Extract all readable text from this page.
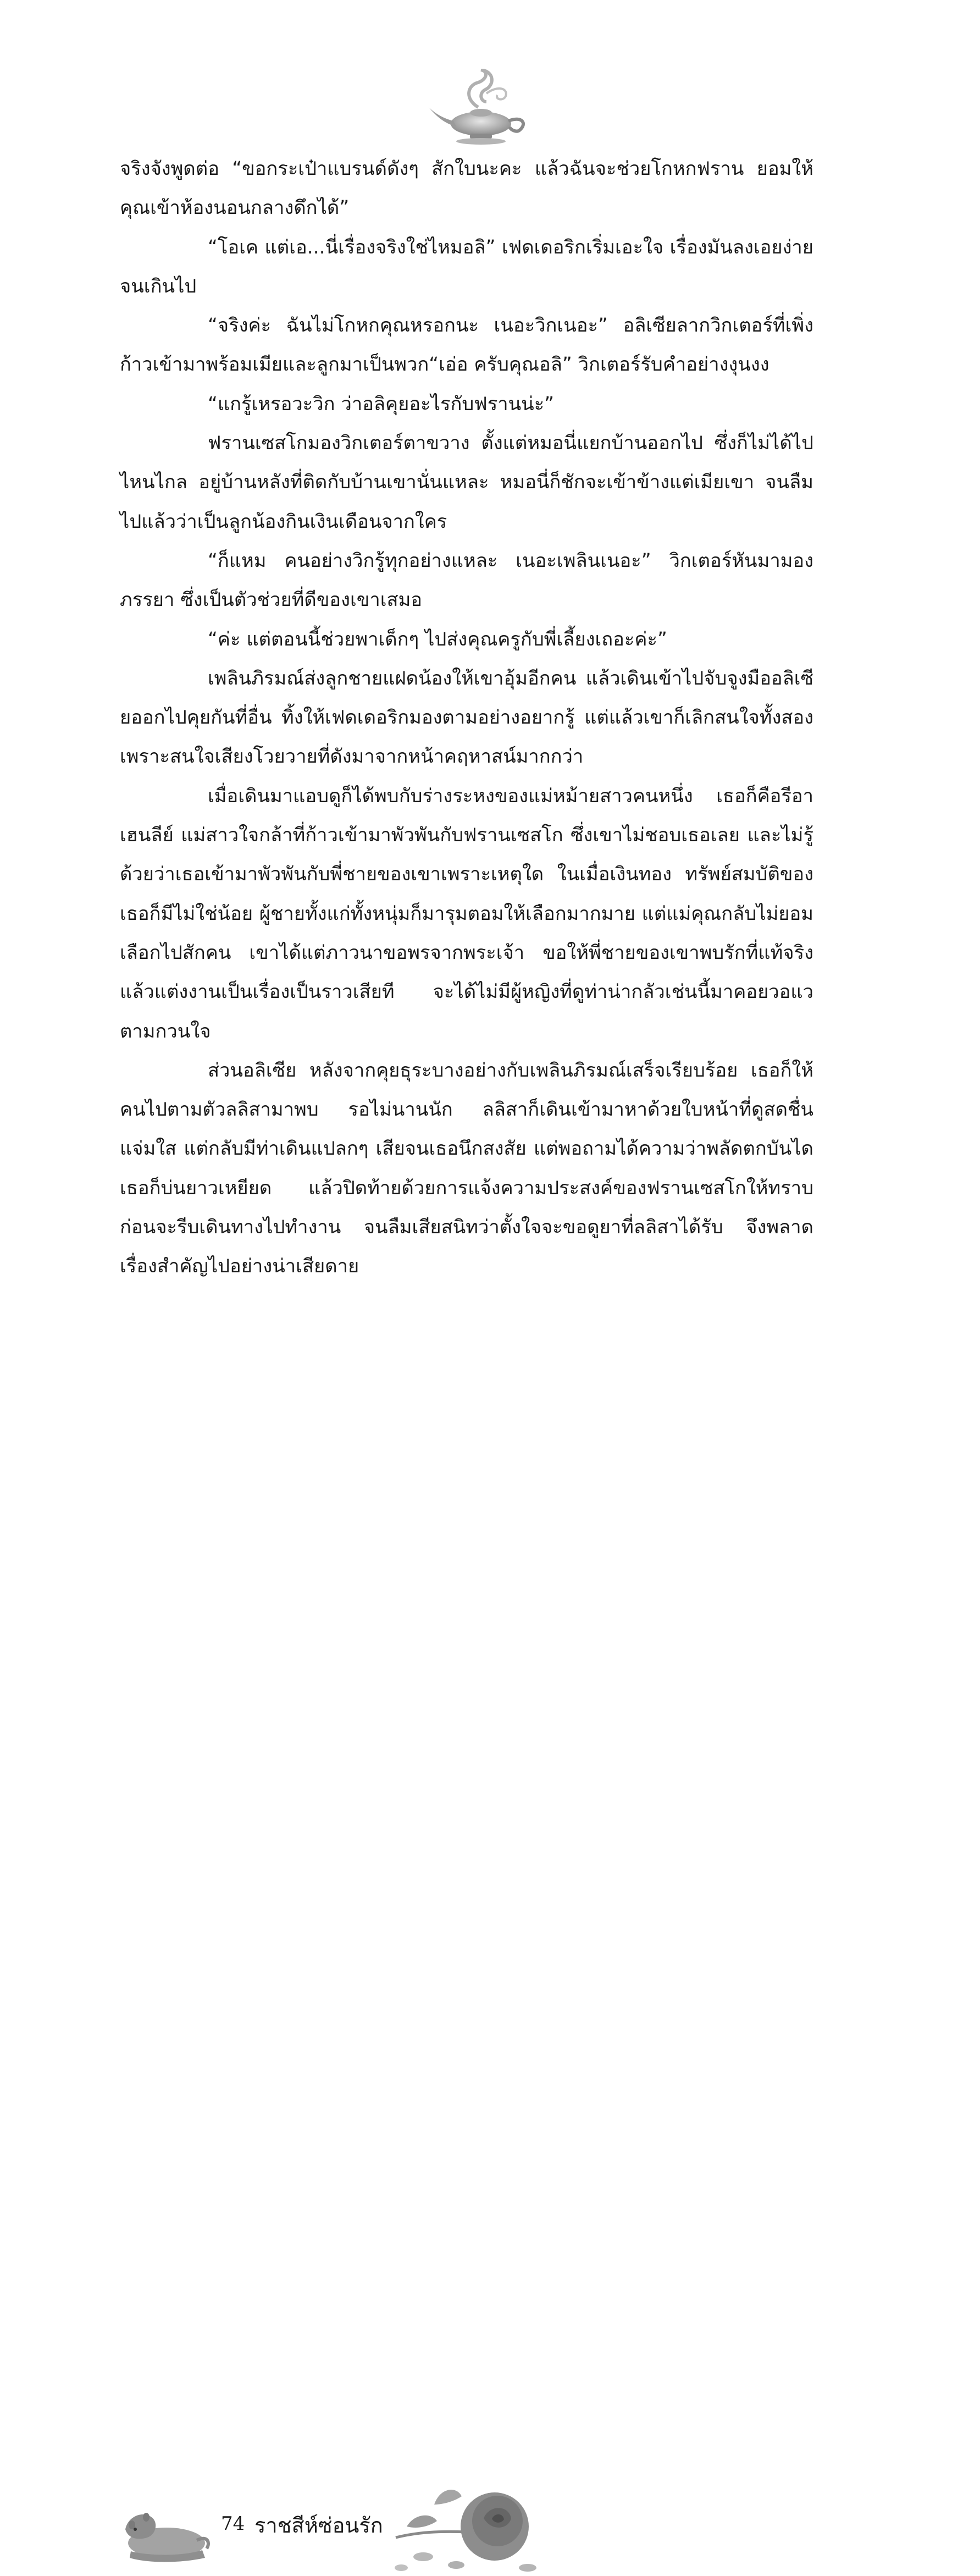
จริงจังพูดต่อ “ขอกระเป๋าแบรนด์ดังๆ สักใบนะคะ แล้วฉันจะช่วยโกหกฟราน ยอมให้คุณเข้าห้องนอนกลางดึกได้”

“โอเค แต่เอ...นี่เรื่องจริงใช่ไหมอลิ” เฟดเดอริกเริ่มเอะใจ เรื่องมันลงเอยง่ายจนเกินไป

“จริงค่ะ ฉันไม่โกหกคุณหรอกนะ เนอะวิกเนอะ” อลิเซียลากวิกเตอร์ที่เพิ่งก้าวเข้ามาพร้อมเมียและลูกมาเป็นพวก“เอ่อ ครับคุณอลิ” วิกเตอร์รับคำอย่างงุนงง

“แกรู้เหรอวะวิก ว่าอลิคุยอะไรกับฟรานน่ะ”

ฟรานเซสโกมองวิกเตอร์ตาขวาง ตั้งแต่หมอนี่แยกบ้านออกไป ซึ่งก็ไม่ได้ไปไหนไกล อยู่บ้านหลังที่ติดกับบ้านเขานั่นแหละ หมอนี่ก็ชักจะเข้าข้างแต่เมียเขา จนลืมไปแล้วว่าเป็นลูกน้องกินเงินเดือนจากใคร

“ก็แหม คนอย่างวิกรู้ทุกอย่างแหละ เนอะเพลินเนอะ” วิกเตอร์หันมามองภรรยา ซึ่งเป็นตัวช่วยที่ดีของเขาเสมอ

“ค่ะ แต่ตอนนี้ช่วยพาเด็กๆ ไปส่งคุณครูกับพี่เลี้ยงเถอะค่ะ”

เพลินภิรมณ์ส่งลูกชายแฝดน้องให้เขาอุ้มอีกคน แล้วเดินเข้าไปจับจูงมืออลิเซียออกไปคุยกันที่อื่น ทิ้งให้เฟดเดอริกมองตามอย่างอยากรู้ แต่แล้วเขาก็เลิกสนใจทั้งสอง เพราะสนใจเสียงโวยวายที่ดังมาจากหน้าคฤหาสน์มากกว่า

เมื่อเดินมาแอบดูก็ได้พบกับร่างระหงของแม่หม้ายสาวคนหนึ่ง เธอก็คือรีอา เฮนลีย์ แม่สาวใจกล้าที่ก้าวเข้ามาพัวพันกับฟรานเซสโก ซึ่งเขาไม่ชอบเธอเลย และไม่รู้ด้วยว่าเธอเข้ามาพัวพันกับพี่ชายของเขาเพราะเหตุใด ในเมื่อเงินทอง ทรัพย์สมบัติของเธอก็มีไม่ใช่น้อย ผู้ชายทั้งแก่ทั้งหนุ่มก็มารุมตอมให้เลือกมากมาย แต่แม่คุณกลับไม่ยอมเลือกไปสักคน เขาได้แต่ภาวนาขอพรจากพระเจ้า ขอให้พี่ชายของเขาพบรักที่แท้จริง แล้วแต่งงานเป็นเรื่องเป็นราวเสียที จะได้ไม่มีผู้หญิงที่ดูท่าน่ากลัวเช่นนี้มาคอยวอแวตามกวนใจ

ส่วนอลิเซีย หลังจากคุยธุระบางอย่างกับเพลินภิรมณ์เสร็จเรียบร้อย เธอก็ให้คนไปตามตัวลลิสามาพบ รอไม่นานนัก ลลิสาก็เดินเข้ามาหาด้วยใบหน้าที่ดูสดชื่นแจ่มใส แต่กลับมีท่าเดินแปลกๆ เสียจนเธอนึกสงสัย แต่พอถามได้ความว่าพลัดตกบันได เธอก็บ่นยาวเหยียด แล้วปิดท้ายด้วยการแจ้งความประสงค์ของฟรานเซสโกให้ทราบ ก่อนจะรีบเดินทางไปทำงาน จนลืมเสียสนิทว่าตั้งใจจะขอดูยาที่ลลิสาได้รับ จึงพลาดเรื่องสำคัญไปอย่างน่าเสียดาย

74 ราชสีห์ซ่อนรัก
